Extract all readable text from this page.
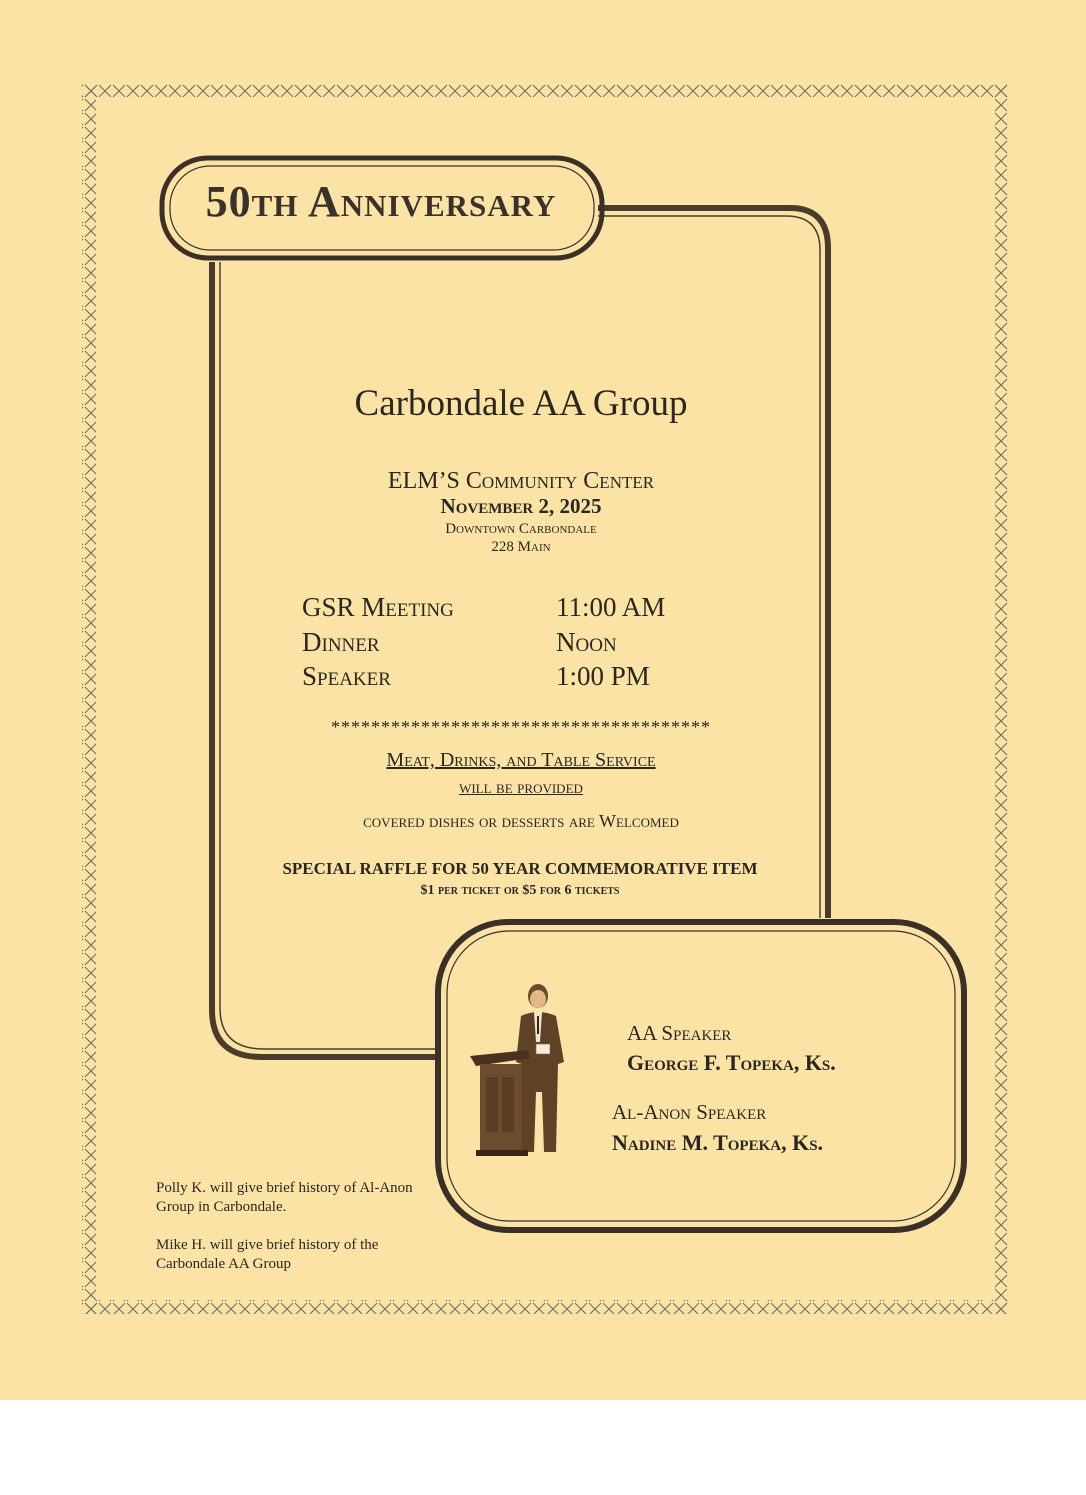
50th Anniversary
Carbondale AA Group
ELM’S Community Center
November 2, 2025
Downtown Carbondale
228 Main
GSR Meeting	11:00 AM
Dinner	Noon
Speaker	1:00 PM
**************************************
Meat, Drinks, and Table Service
will be provided
covered dishes or desserts are Welcomed
SPECIAL RAFFLE FOR 50 YEAR COMMEMORATIVE ITEM
$1 per ticket or $5 for 6 tickets
AA Speaker
George F. Topeka, Ks.
Al-Anon Speaker
Nadine M. Topeka, Ks.
Polly K. will give brief history of Al-Anon Group in Carbondale.
Mike H. will give brief history of the Carbondale AA Group
